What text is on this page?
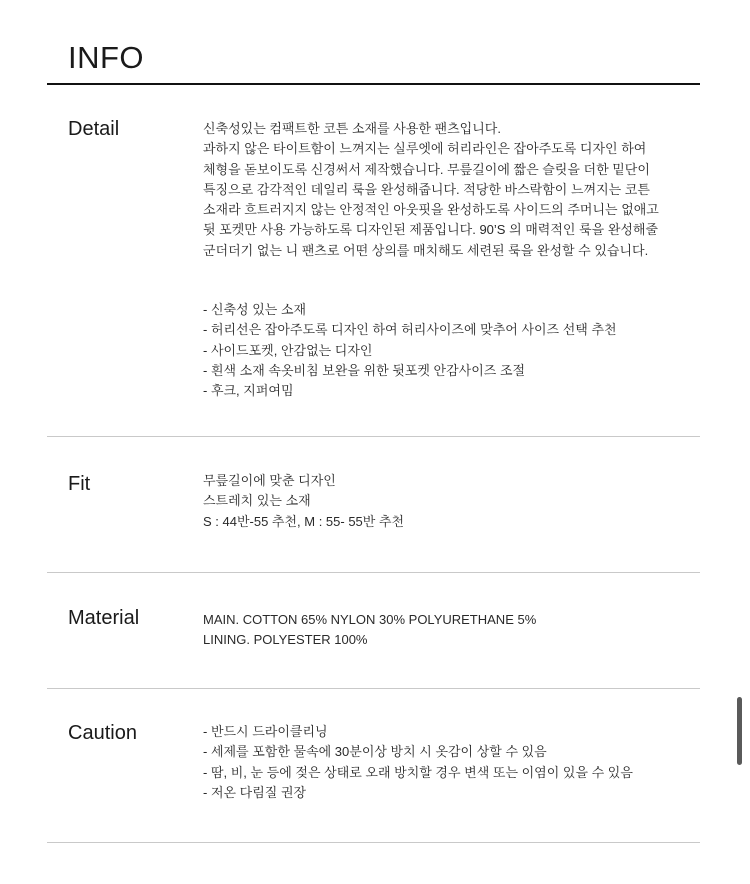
INFO
Detail	신축성있는 컴팩트한 코튼 소재를 사용한 팬츠입니다.
과하지 않은 타이트함이 느껴지는 실루엣에 허리라인은 잡아주도록 디자인 하여
체형을 돋보이도록 신경써서 제작했습니다. 무릎길이에 짧은 슬릿을 더한 밑단이
특징으로 감각적인 데일리 룩을 완성해줍니다. 적당한 바스락함이 느껴지는 코튼
소재라 흐트러지지 않는 안정적인 아웃핏을 완성하도록 사이드의 주머니는 없애고
뒷 포켓만 사용 가능하도록 디자인된 제품입니다. 90’S 의 매력적인 룩을 완성해줄
군더더기 없는 니 팬츠로 어떤 상의를 매치해도 세련된 룩을 완성할 수 있습니다.
- 신축성 있는 소재
- 허리선은 잡아주도록 디자인 하여 허리사이즈에 맞추어 사이즈 선택 추천
- 사이드포켓, 안감없는 디자인
- 흰색 소재 속옷비침 보완을 위한 뒷포켓 안감사이즈 조절
- 후크, 지퍼여밈
Fit	무릎길이에 맞춘 디자인
스트레치 있는 소재
S : 44반-55 추천, M : 55- 55반 추천
Material	MAIN. COTTON 65% NYLON 30% POLYURETHANE 5%
LINING. POLYESTER 100%
Caution	- 반드시 드라이클리닝
- 세제를 포함한 물속에 30분이상 방치 시 옷감이 상할 수 있음
- 땀, 비, 눈 등에 젖은 상태로 오래 방치할 경우 변색 또는 이염이 있을 수 있음
- 저온 다림질 권장
